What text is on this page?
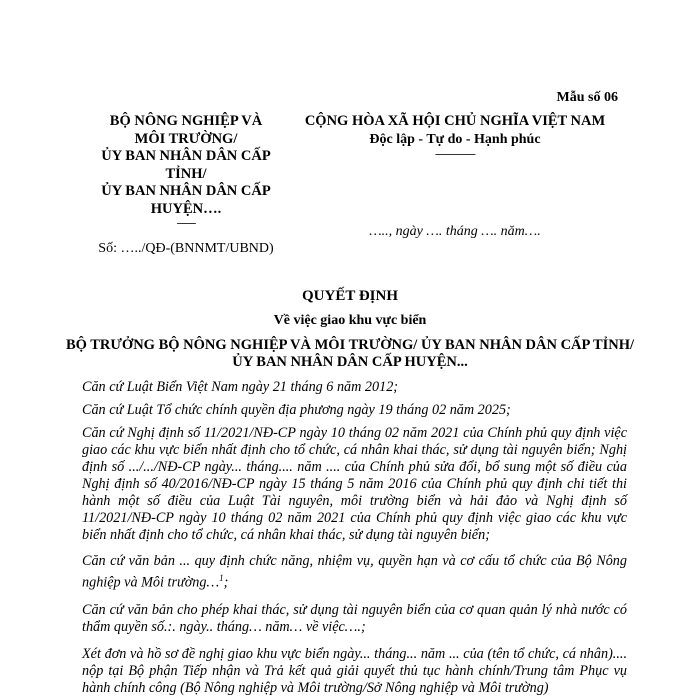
Mẫu số 06
BỘ NÔNG NGHIỆP VÀ
MÔI TRƯỜNG/
ỦY BAN NHÂN DÂN CẤP
TỈNH/
ỦY BAN NHÂN DÂN CẤP
HUYỆN….
-------
Số: …../QĐ-(BNNMT/UBND)
CỘNG HÒA XÃ HỘI CHỦ NGHĨA VIỆT NAM
Độc lập - Tự do - Hạnh phúc
---------------
….., ngày …. tháng …. năm….
QUYẾT ĐỊNH
Về việc giao khu vực biển
BỘ TRƯỞNG BỘ NÔNG NGHIỆP VÀ MÔI TRƯỜNG/ ỦY BAN NHÂN DÂN CẤP TỈNH/ỦY BAN NHÂN DÂN CẤP HUYỆN...

Căn cứ Luật Biển Việt Nam ngày 21 tháng 6 năm 2012;

Căn cứ Luật Tổ chức chính quyền địa phương ngày 19 tháng 02 năm 2025;

Căn cứ Nghị định số 11/2021/NĐ-CP ngày 10 tháng 02 năm 2021 của Chính phủ quy định việc giao các khu vực biển nhất định cho tổ chức, cá nhân khai thác, sử dụng tài nguyên biển; Nghị định số .../.../NĐ-CP ngày... tháng.... năm .... của Chính phủ sửa đổi, bổ sung một số điều của Nghị định số 40/2016/NĐ-CP ngày 15 tháng 5 năm 2016 của Chính phủ quy định chi tiết thi hành một số điều của Luật Tài nguyên, môi trường biển và hải đảo và Nghị định số 11/2021/NĐ-CP ngày 10 tháng 02 năm 2021 của Chính phủ quy định việc giao các khu vực biển nhất định cho tổ chức, cá nhân khai thác, sử dụng tài nguyên biển;

Căn cứ văn bản ... quy định chức năng, nhiệm vụ, quyền hạn và cơ cấu tổ chức của Bộ Nông nghiệp và Môi trường…$^1$;

Căn cứ văn bản cho phép khai thác, sử dụng tài nguyên biển của cơ quan quản lý nhà nước có thẩm quyền số.:. ngày.. tháng… năm… về việc….;

Xét đơn và hồ sơ đề nghị giao khu vực biển ngày... tháng... năm ... của (tên tổ chức, cá nhân).... nộp tại Bộ phận Tiếp nhận và Trả kết quả giải quyết thủ tục hành chính/Trung tâm Phục vụ hành chính công (Bộ Nông nghiệp và Môi trường/Sở Nông nghiệp và Môi trường)
